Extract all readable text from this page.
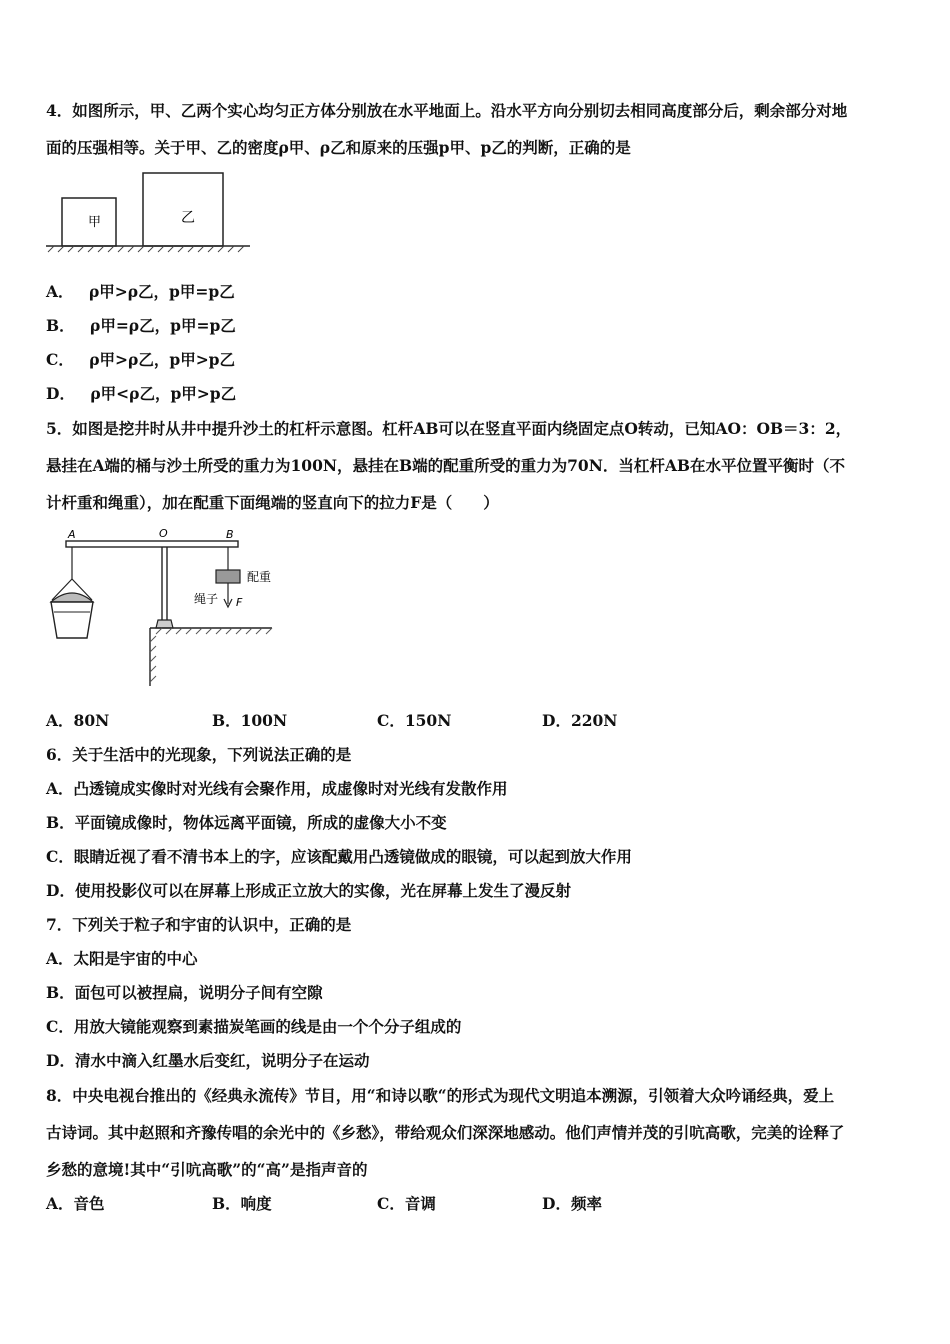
4．如图所示，甲、乙两个实心均匀正方体分别放在水平地面上。沿水平方向分别切去相同高度部分后，剩余部分对地
面的压强相等。关于甲、乙的密度ρ甲、ρ乙和原来的压强p甲、p乙的判断，正确的是
甲	乙
A． ρ甲>ρ乙，p甲=p乙
B． ρ甲=ρ乙，p甲=p乙
C． ρ甲>ρ乙，p甲>p乙
D． ρ甲<ρ乙，p甲>p乙
5．如图是挖井时从井中提升沙土的杠杆示意图。杠杆AB可以在竖直平面内绕固定点O转动，已知AO：OB＝3：2，
悬挂在A端的桶与沙土所受的重力为100N，悬挂在B端的配重所受的重力为70N．当杠杆AB在水平位置平衡时（不
计杆重和绳重），加在配重下面绳端的竖直向下的拉力F是（　　）
A	O	B
配重
绳子 F
A．80N	B．100N	C．150N	D．220N
6．关于生活中的光现象，下列说法正确的是
A．凸透镜成实像时对光线有会聚作用，成虚像时对光线有发散作用
B．平面镜成像时，物体远离平面镜，所成的虚像大小不变
C．眼睛近视了看不清书本上的字，应该配戴用凸透镜做成的眼镜，可以起到放大作用
D．使用投影仪可以在屏幕上形成正立放大的实像，光在屏幕上发生了漫反射
7．下列关于粒子和宇宙的认识中，正确的是
A．太阳是宇宙的中心
B．面包可以被捏扁，说明分子间有空隙
C．用放大镜能观察到素描炭笔画的线是由一个个分子组成的
D．清水中滴入红墨水后变红，说明分子在运动
8．中央电视台推出的《经典永流传》节目，用“和诗以歌“的形式为现代文明追本溯源，引领着大众吟诵经典，爱上
古诗词。其中赵照和齐豫传唱的余光中的《乡愁》，带给观众们深深地感动。他们声情并茂的引吭高歌，完美的诠释了
乡愁的意境!其中“引吭高歌”的“高”是指声音的
A．音色	B．响度	C．音调	D．频率
